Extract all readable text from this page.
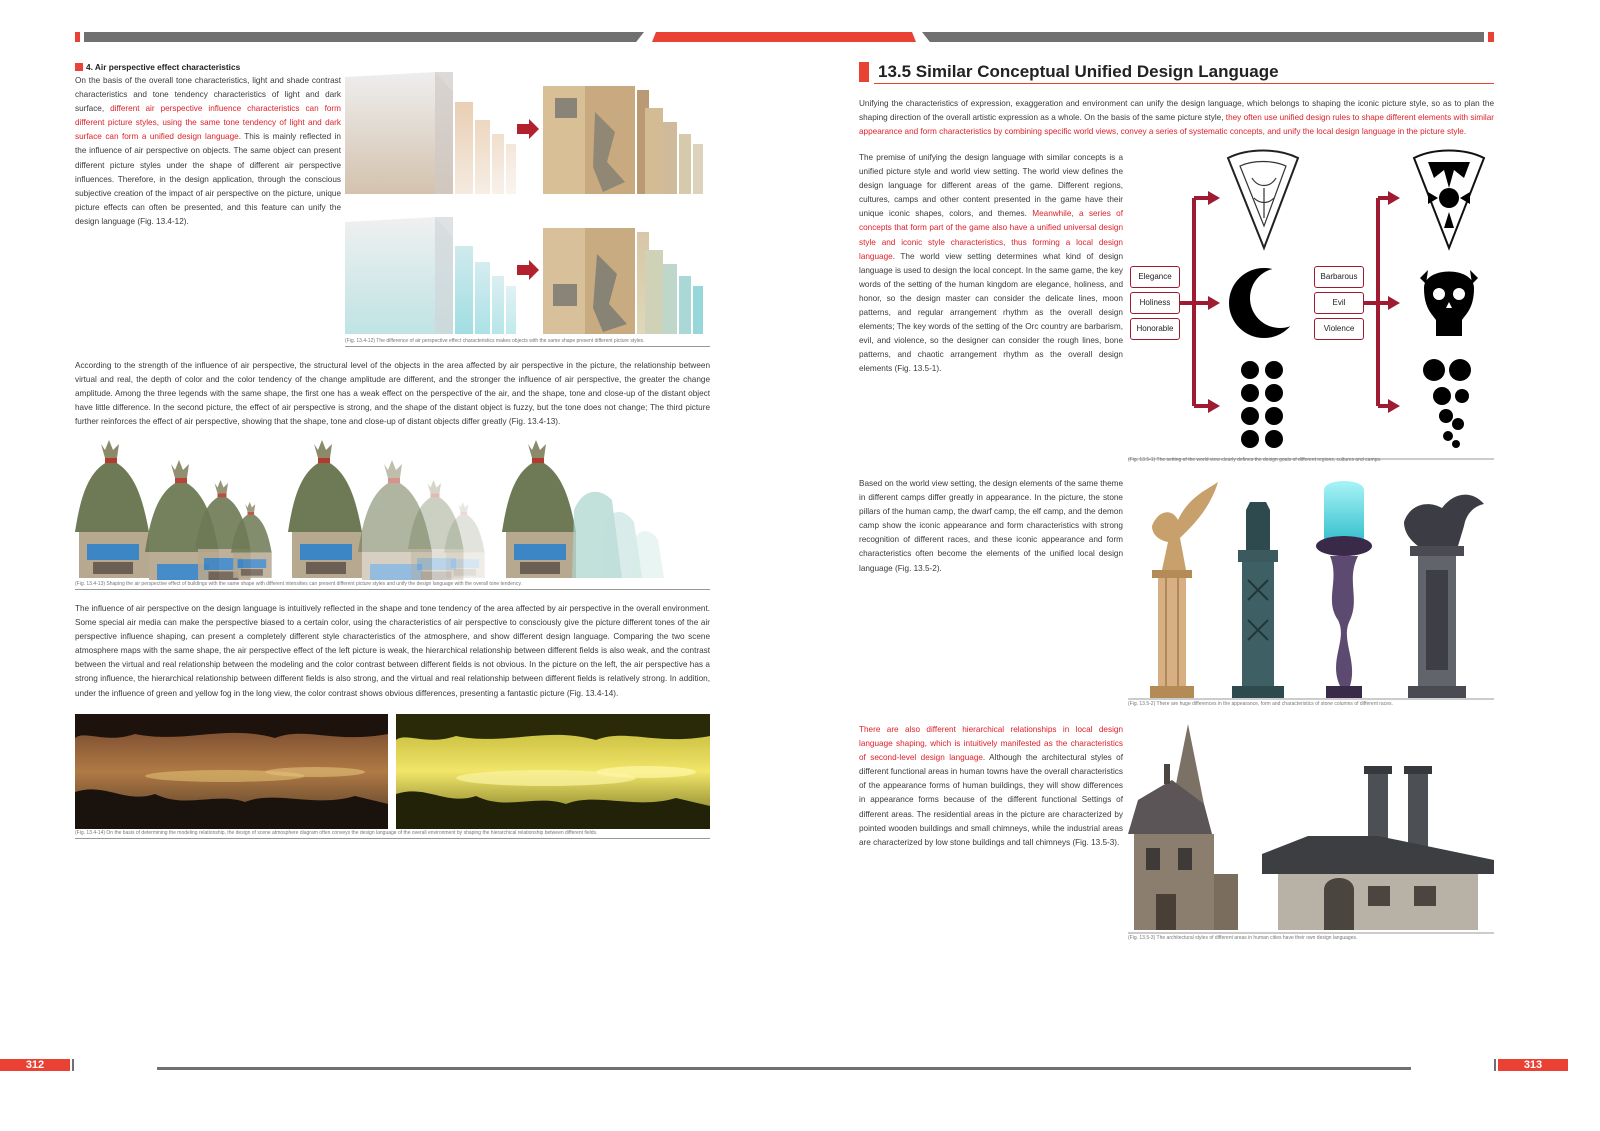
4. Air perspective effect characteristics
On the basis of the overall tone characteristics, light and shade contrast characteristics and tone tendency characteristics of light and dark surface, different air perspective influence characteristics can form different picture styles, using the same tone tendency of light and dark surface can form a unified design language. This is mainly reflected in the influence of air perspective on objects. The same object can present different picture styles under the shape of different air perspective influences. Therefore, in the design application, through the conscious subjective creation of the impact of air perspective on the picture, unique picture effects can often be presented, and this feature can unify the design language (Fig. 13.4-12).
(Fig. 13.4-12) The difference of air perspective effect characteristics makes objects with the same shape present different picture styles.
According to the strength of the influence of air perspective, the structural level of the objects in the area affected by air perspective in the picture, the relationship between virtual and real, the depth of color and the color tendency of the change amplitude are different, and the stronger the influence of air perspective, the greater the change amplitude. Among the three legends with the same shape, the first one has a weak effect on the perspective of the air, and the shape, tone and close-up of the distant object have little difference. In the second picture, the effect of air perspective is strong, and the shape of the distant object is fuzzy, but the tone does not change; The third picture further reinforces the effect of air perspective, showing that the shape, tone and close-up of distant objects differ greatly (Fig. 13.4-13).
(Fig. 13.4-13) Shaping the air perspective effect of buildings with the same shape with different intensities can present different picture styles and unify the design language with the overall tone tendency.
The influence of air perspective on the design language is intuitively reflected in the shape and tone tendency of the area affected by air perspective in the overall environment. Some special air media can make the perspective biased to a certain color, using the characteristics of air perspective to consciously give the picture different tones of the air perspective influence shaping, can present a completely different style characteristics of the atmosphere, and show different design language. Comparing the two scene atmosphere maps with the same shape, the air perspective effect of the left picture is weak, the hierarchical relationship between different fields is also weak, and the contrast between the virtual and real relationship between the modeling and the color contrast between different fields is not obvious. In the picture on the left, the air perspective has a strong influence, the hierarchical relationship between different fields is also strong, and the virtual and real relationship between different fields is relatively strong. In addition, under the influence of green and yellow fog in the long view, the color contrast shows obvious differences, presenting a fantastic picture (Fig. 13.4-14).
(Fig. 13.4-14) On the basis of determining the modeling relationship, the design of scene atmosphere diagram often conveys the design language of the overall environment by shaping the hierarchical relationship between different fields.
13.5 Similar Conceptual Unified Design Language
Unifying the characteristics of expression, exaggeration and environment can unify the design language, which belongs to shaping the iconic picture style, so as to plan the shaping direction of the overall artistic expression as a whole. On the basis of the same picture style, they often use unified design rules to shape different elements with similar appearance and form characteristics by combining specific world views, convey a series of systematic concepts, and unify the local design language in the picture style.
The premise of unifying the design language with similar concepts is a unified picture style and world view setting. The world view defines the design language for different areas of the game. Different regions, cultures, camps and other content presented in the game have their unique iconic shapes, colors, and themes. Meanwhile, a series of concepts that form part of the game also have a unified universal design style and iconic style characteristics, thus forming a local design language. The world view setting determines what kind of design language is used to design the local concept. In the same game, the key words of the setting of the human kingdom are elegance, holiness, and honor, so the design master can consider the delicate lines, moon patterns, and regular arrangement rhythm as the overall design elements; The key words of the setting of the Orc country are barbarism, evil, and violence, so the designer can consider the rough lines, bone patterns, and chaotic arrangement rhythm as the overall design elements (Fig. 13.5-1).
Elegance
Holiness
Honorable
Barbarous
Evil
Violence
(Fig. 13.5-1) The setting of the world view clearly defines the design goals of different regions, cultures and camps.
Based on the world view setting, the design elements of the same theme in different camps differ greatly in appearance. In the picture, the stone pillars of the human camp, the dwarf camp, the elf camp, and the demon camp show the iconic appearance and form characteristics with strong recognition of different races, and these iconic appearance and form characteristics often become the elements of the unified local design language (Fig. 13.5-2).
(Fig. 13.5-2) There are huge differences in the appearance, form and characteristics of stone columns of different races.
There are also different hierarchical relationships in local design language shaping, which is intuitively manifested as the characteristics of second-level design language. Although the architectural styles of different functional areas in human towns have the overall characteristics of the appearance forms of human buildings, they will show differences in appearance forms because of the different functional Settings of different areas. The residential areas in the picture are characterized by pointed wooden buildings and small chimneys, while the industrial areas are characterized by low stone buildings and tall chimneys (Fig. 13.5-3).
(Fig. 13.5-3) The architectural styles of different areas in human cities have their own design languages.
312	313
